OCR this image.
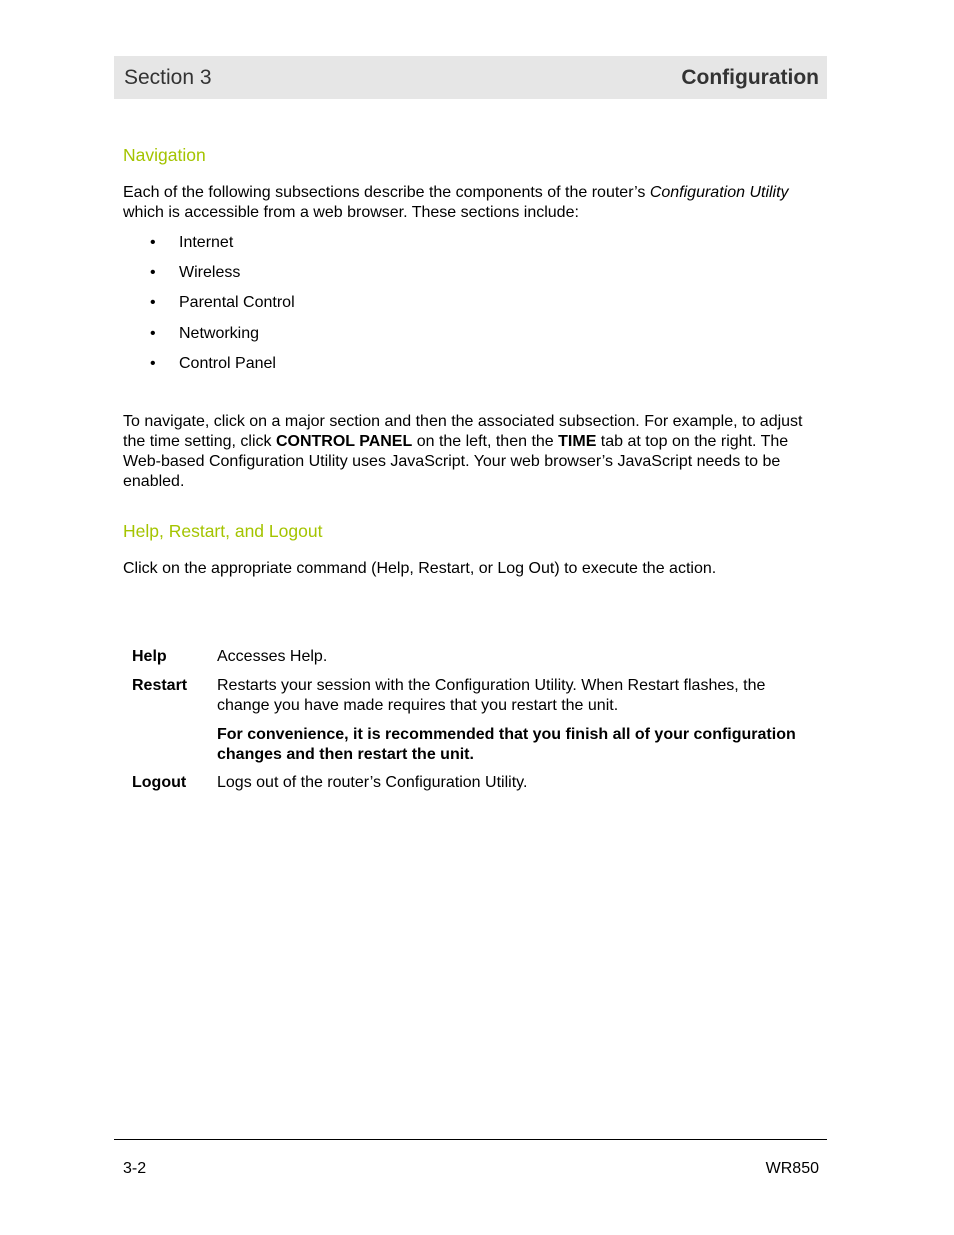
Section 3	Configuration
Navigation
Each of the following subsections describe the components of the router’s Configuration Utility which is accessible from a web browser. These sections include:
•	Internet
•	Wireless
•	Parental Control
•	Networking
•	Control Panel
To navigate, click on a major section and then the associated subsection. For example, to adjust the time setting, click CONTROL PANEL on the left, then the TIME tab at top on the right. The Web-based Configuration Utility uses JavaScript. Your web browser’s JavaScript needs to be enabled.
Help, Restart, and Logout
Click on the appropriate command (Help, Restart, or Log Out) to execute the action.
Help	Accesses Help.
Restart Restarts your session with the Configuration Utility. When Restart flashes, the change you have made requires that you restart the unit.
For convenience, it is recommended that you finish all of your configuration changes and then restart the unit.
Logout Logs out of the router’s Configuration Utility.
3-2	WR850
